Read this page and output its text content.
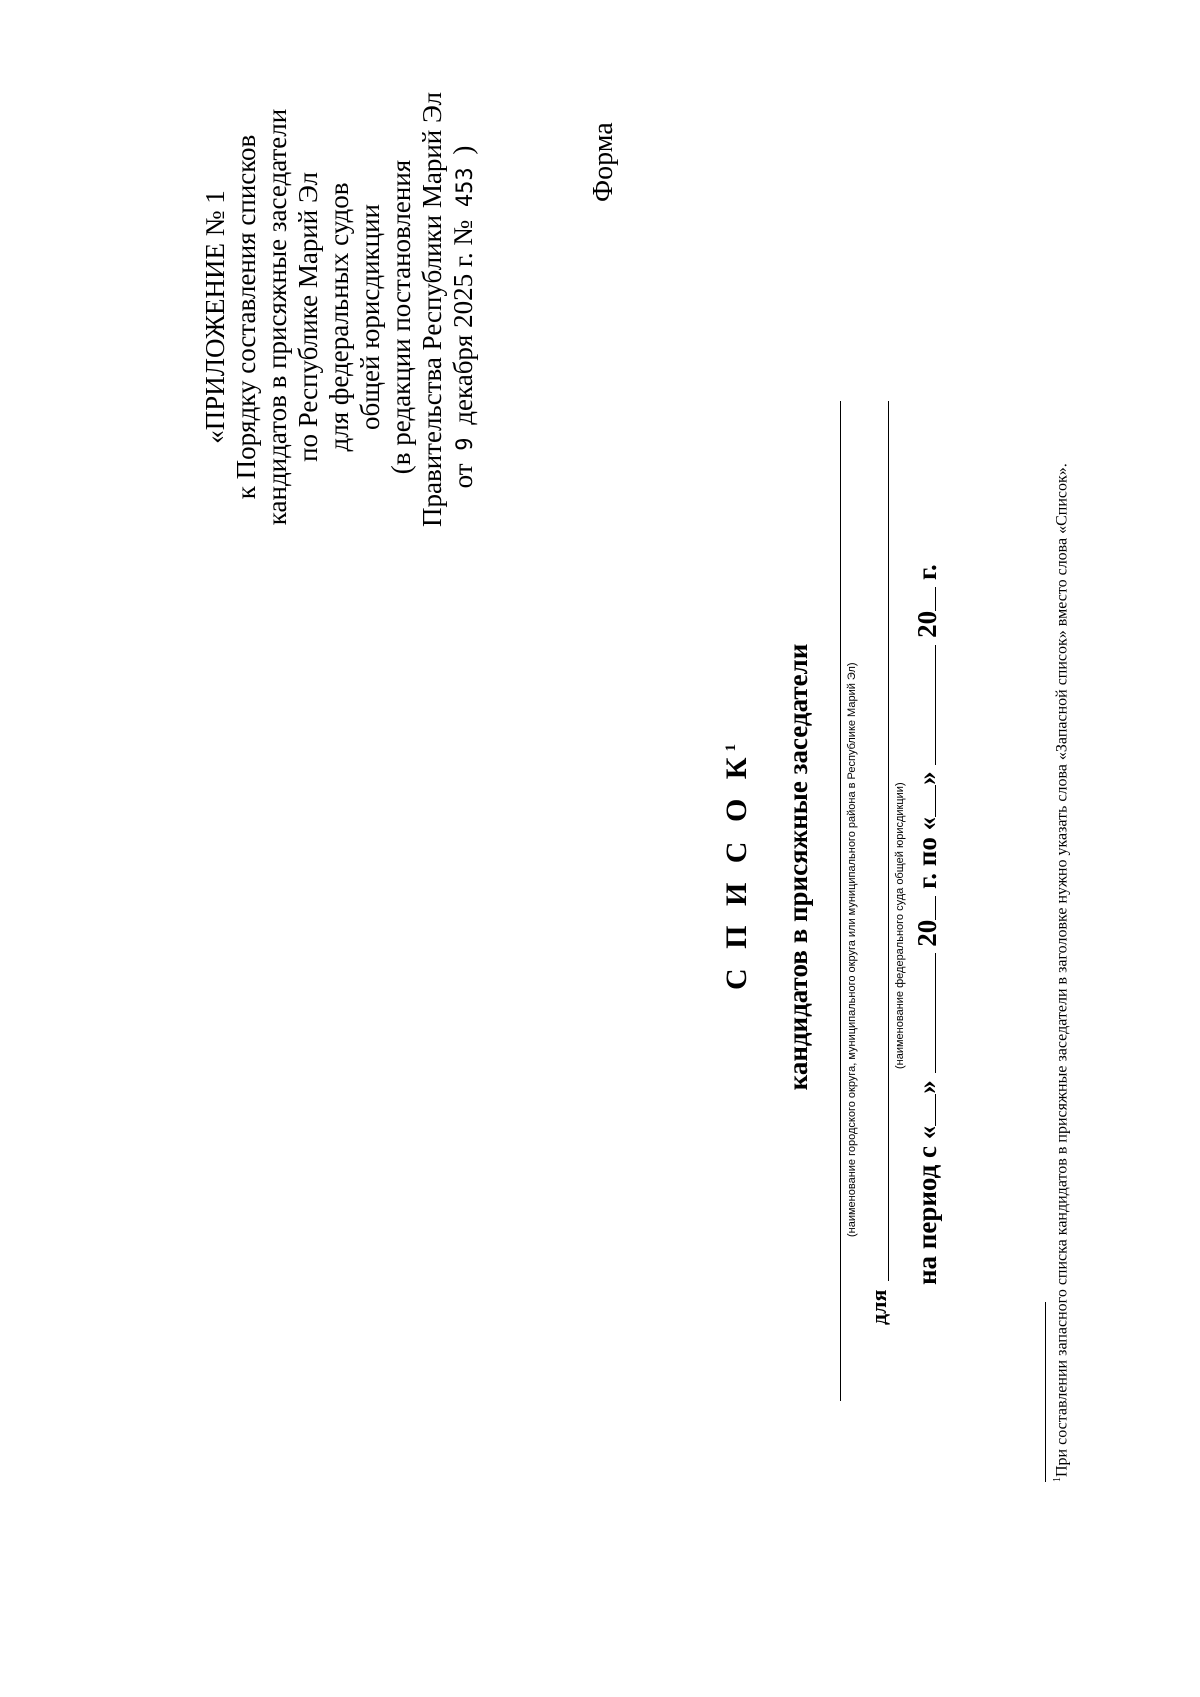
«ПРИЛОЖЕНИЕ № 1 к Порядку составления списков кандидатов в присяжные заседатели по Республике Марий Эл для федеральных судов общей юрисдикции (в редакции постановления Правительства Республики Марий Эл от 9 декабря 2025 г. № 453 )	Форма
С П И С О $К^1$	кандидатов в присяжные заседатели	(наименование городского округа, муниципального округа или муниципального района в Республике Марий Эл)
для
(наименование федерального суда общей юрисдикции)
на период с «»  20 г. по «»  20 г.
$^1$При составлении запасного списка кандидатов в присяжные заседатели в заголовке нужно указать слова «Запасной список» вместо слова «Список».
